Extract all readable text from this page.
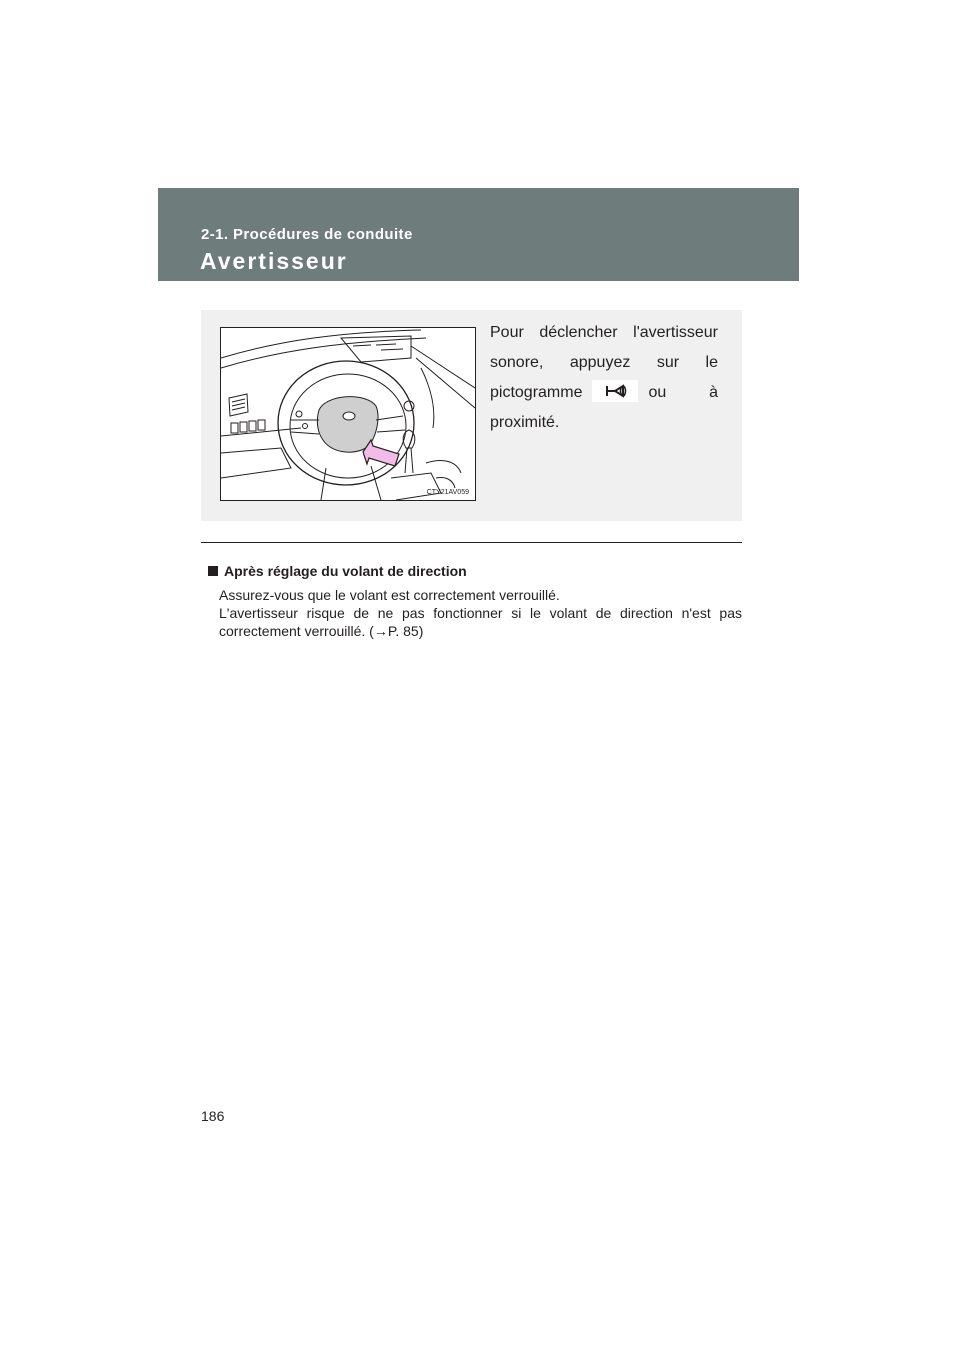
2-1. Procédures de conduite
Avertisseur
CTY21AV059

Pour déclencher l'avertisseur sonore, appuyez sur le pictogramme	ou à proximité.

Après réglage du volant de direction

Assurez-vous que le volant est correctement verrouillé.

L'avertisseur risque de ne pas fonctionner si le volant de direction n'est pas correctement verrouillé. (→P. 85)

186
